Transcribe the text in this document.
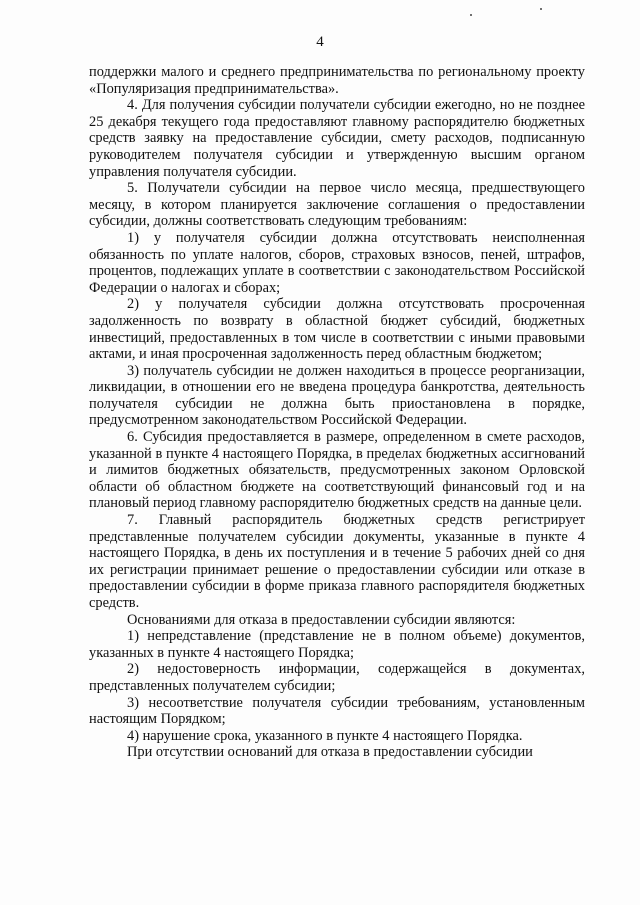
4

поддержки малого и среднего предпринимательства по региональному проекту «Популяризация предпринимательства».

4. Для получения субсидии получатели субсидии ежегодно, но не позднее 25 декабря текущего года предоставляют главному распорядителю бюджетных средств заявку на предоставление субсидии, смету расходов, подписанную руководителем получателя субсидии и утвержденную высшим органом управления получателя субсидии.

5. Получатели субсидии на первое число месяца, предшествующего месяцу, в котором планируется заключение соглашения о предоставлении субсидии, должны соответствовать следующим требованиям:

1) у получателя субсидии должна отсутствовать неисполненная обязанность по уплате налогов, сборов, страховых взносов, пеней, штрафов, процентов, подлежащих уплате в соответствии с законодательством Российской Федерации о налогах и сборах;

2) у получателя субсидии должна отсутствовать просроченная задолженность по возврату в областной бюджет субсидий, бюджетных инвестиций, предоставленных в том числе в соответствии с иными правовыми актами, и иная просроченная задолженность перед областным бюджетом;

3) получатель субсидии не должен находиться в процессе реорганизации, ликвидации, в отношении его не введена процедура банкротства, деятельность получателя субсидии не должна быть приостановлена в порядке, предусмотренном законодательством Российской Федерации.

6. Субсидия предоставляется в размере, определенном в смете расходов, указанной в пункте 4 настоящего Порядка, в пределах бюджетных ассигнований и лимитов бюджетных обязательств, предусмотренных законом Орловской области об областном бюджете на соответствующий финансовый год и на плановый период главному распорядителю бюджетных средств на данные цели.

7. Главный распорядитель бюджетных средств регистрирует представленные получателем субсидии документы, указанные в пункте 4 настоящего Порядка, в день их поступления и в течение 5 рабочих дней со дня их регистрации принимает решение о предоставлении субсидии или отказе в предоставлении субсидии в форме приказа главного распорядителя бюджетных средств.

Основаниями для отказа в предоставлении субсидии являются:

1) непредставление (представление не в полном объеме) документов, указанных в пункте 4 настоящего Порядка;

2) недостоверность информации, содержащейся в документах, представленных получателем субсидии;

3) несоответствие получателя субсидии требованиям, установленным настоящим Порядком;

4) нарушение срока, указанного в пункте 4 настоящего Порядка.

При отсутствии оснований для отказа в предоставлении субсидии
